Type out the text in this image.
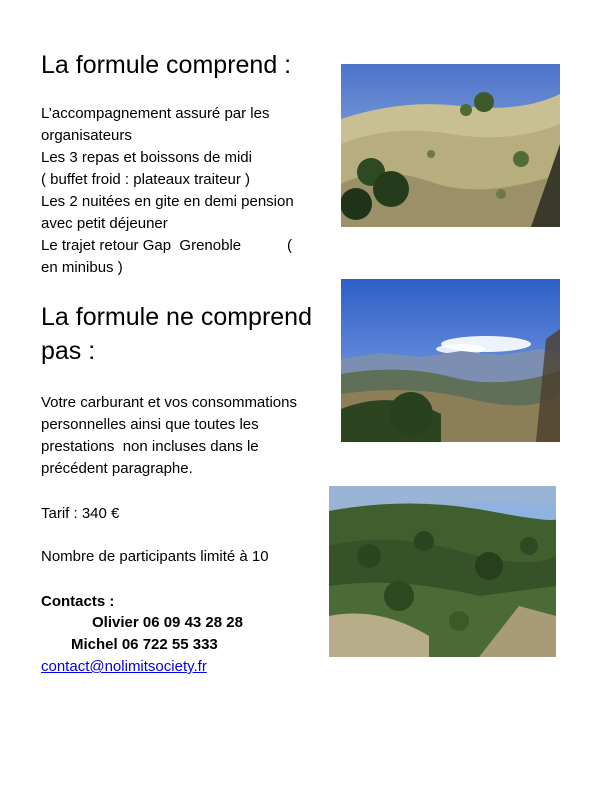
La formule comprend :
L’accompagnement assuré par les
organisateurs
Les 3 repas et boissons de midi
( buffet froid : plateaux traiteur )
Les 2 nuitées en gite en demi pension
avec petit déjeuner
Le trajet retour Gap  Grenoble           (
en minibus )
La formule ne comprend
pas :
Votre carburant et vos consommations
personnelles ainsi que toutes les
prestations  non incluses dans le
précédent paragraphe.
Tarif : 340 €
Nombre de participants limité à 10
Contacts :
Olivier 06 09 43 28 28
Michel 06 722 55 333
contact@nolimitsociety.fr
